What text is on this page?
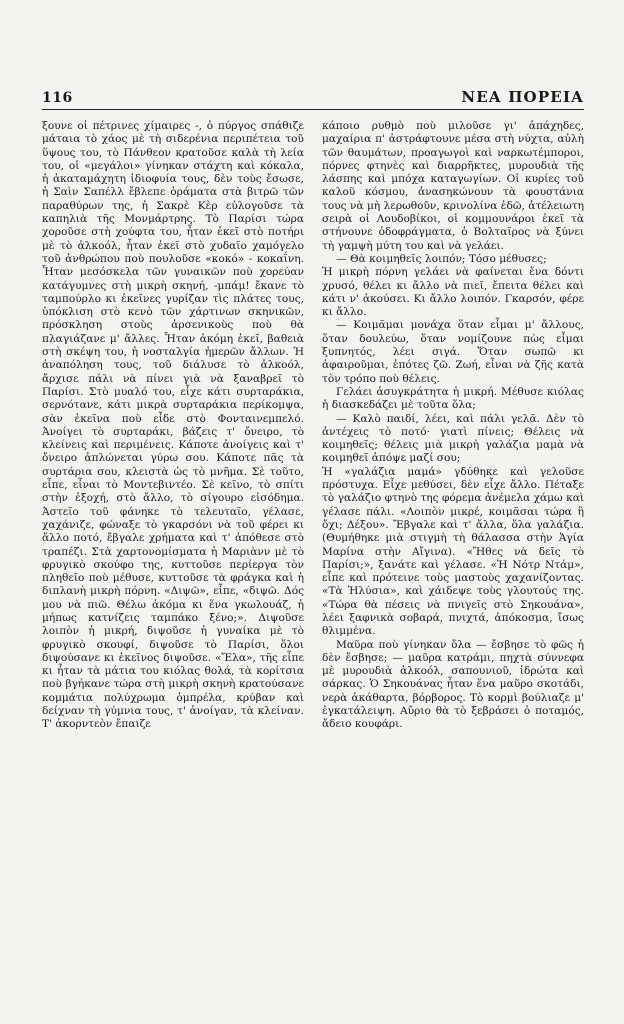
116	ΝΕΑ ΠΟΡΕΙΑ

ξουνε οἱ πέτρινες χίμαιρες -, ὁ πύργος σπάθιζε μάταια τὸ χάος μὲ τὴ σιδερένια περιπέτεια τοῦ ὕψους του, τὸ Πάνθεον κρατοῦσε καλὰ τὴ λεία του, οἱ «μεγάλοι» γίνηκαν στάχτη καὶ κόκαλα, ἡ ἀκαταμάχητη ἰδιοφυία τους, δὲν τοὺς ἔσωσε, ἡ Σαὶν Σαπέλλ ἔβλεπε ὁράματα στὰ βιτρῶ τῶν παραθύρων της, ἡ Σακρὲ Κὲρ εὐλογοῦσε τὰ καπηλιὰ τῆς Μονμάρτρης. Τὸ Παρίσι τώρα χοροῦσε στὴ χούφτα του, ἦταν ἐκεῖ στὸ ποτήρι μὲ τὸ ἀλκοόλ, ἦταν ἐκεῖ στὸ χυδαῖο χαμόγελο τοῦ ἀνθρώπου ποὺ πουλοῦσε «κοκό» - κοκαΐνη. Ἦταν μεσόσκελα τῶν γυναικῶν ποὺ χορεύαν κατάγυμνες στὴ μικρὴ σκηνή, -μπάμ! ἔκανε τὸ ταμπούρλο κι ἐκεῖνες γυρίζαν τὶς πλάτες τους, ὑπόκλιση στὸ κενὸ τῶν χάρτινων σκηνικῶν, πρόσκληση στοὺς ἀρσενικοὺς ποὺ θὰ πλαγιάζανε μ' ἄλλες. Ἦταν ἀκόμη ἐκεῖ, βαθειὰ στὴ σκέψη του, ἡ νοσταλγία ἡμερῶν ἄλλων. Ἡ ἀναπόληση τους, τοῦ διάλυσε τὸ ἀλκοόλ, ἄρχισε πάλι νὰ πίνει γιὰ νὰ ξαναβρεῖ τὸ Παρίσι. Στὸ μυαλό του, εἶχε κάτι συρταράκια, σερνότανε, κάτι μικρὰ συρταράκια περίκομψα, σὰν ἐκεῖνα ποὺ εἶδε στὸ Φονταινεμπελό. Ἀνοίγει τὸ συρταράκι, βάζεις τ' ὄνειρο, τὸ κλείνεις καὶ περιμένεις. Κάποτε ἀνοίγεις καὶ τ' ὄνειρο ἀπλώνεται γύρω σου. Κάποτε πᾶς τὰ συρτάρια σου, κλειστὰ ὡς τὸ μνῆμα. Σὲ τοῦτο, εἶπε, εἶναι τὸ Μοντεβιντέο. Σὲ κεῖνο, τὸ σπίτι στὴν ἐξοχή, στὸ ἄλλο, τὸ σίγουρο εἰσόδημα. Ἀστεῖο τοῦ φάνηκε τὸ τελευταῖο, γέλασε, χαχάνιζε, φώναξε τὸ γκαρσόνι νὰ τοῦ φέρει κι ἄλλο ποτό, ἔβγαλε χρήματα καὶ τ' ἀπόθεσε στὸ τραπέζι. Στὰ χαρτονομίσματα ἡ Μαριὰνν μὲ τὸ φρυγικὸ σκούφο της, κυττοῦσε περίεργα τὸν πληθεῖο ποὺ μέθυσε, κυττοῦσε τὰ φράγκα καὶ ἡ διπλανὴ μικρὴ πόρνη. «Διψῶ», εἶπε, «διψῶ. Δός μου νὰ πιῶ. Θέλω ἀκόμα κι ἕνα γκωλουάζ, ἡ μήπως κατνίζεις ταμπάκο ξένο;». Διψοῦσε λοιπὸν ἡ μικρή, διψοῦσε ἡ γυναίκα μὲ τὸ φρυγικὸ σκουφί, διψοῦσε τὸ Παρίσι, ὅλοι διψούσανε κι ἐκεῖνος διψοῦσε. «Ἔλα», τῆς εἶπε κι ἦταν τὰ μάτια του κιόλας θολά, τὰ κορίτσια ποὺ βγήκανε τώρα στὴ μικρὴ σκηνὴ κρατούσανε κομμάτια πολύχρωμα ὀμπρέλα, κρύβαν καὶ δείχναν τὴ γύμνια τους, τ' ἀνοίγαν, τὰ κλείναν. Τ' ἀκορντεὸν ἔπαιζε

κάποιο ρυθμὸ ποὺ μιλοῦσε γι' ἀπάχηδες, μαχαίρια π' ἀστράφτουνε μέσα στὴ νύχτα, αὐλὴ τῶν θαυμάτων, προαγωγοὶ καὶ ναρκωτέμποροι, πόρνες φτηνὲς καὶ διαρρῆκτες, μυρουδιὰ τῆς λάσπης καὶ μπόχα καταγωγίων. Οἱ κυρίες τοῦ καλοῦ κόσμου, ἀνασηκώνουν τὰ φουστάνια τους νὰ μὴ λερωθοῦν, κρινολίνα ἐδῶ, ἀτέλειωτη σειρὰ οἱ Λουδοβίκοι, οἱ κομμουνάροι ἐκεῖ τὰ στήνουνε ὀδοφράγματα, ὁ Βολταῖρος νὰ ξύνει τὴ γαμψὴ μύτη του καὶ νὰ γελάει.

— Θὰ κοιμηθεῖς λοιπόν; Τόσο μέθυσες;

Ἡ μικρὴ πόρνη γελάει νὰ φαίνεται ἕνα δόντι χρυσό, θέλει κι ἄλλο νὰ πιεῖ, ἔπειτα θέλει καὶ κάτι ν' ἀκούσει. Κι ἄλλο λοιπόν. Γκαρσόν, φέρε κι ἄλλο.

— Κοιμᾶμαι μονάχα ὅταν εἶμαι μ' ἄλλους, ὅταν δουλεύω, ὅταν νομίζουνε πὼς εἶμαι ξυπνητός, λέει σιγά. Ὅταν σωπῶ κι ἀφαιροῦμαι, ἐπότες ζῶ. Ζωή, εἶναι νὰ ζῆς κατὰ τὸν τρόπο ποὺ θέλεις.

Γελάει ἀσυγκράτητα ἡ μικρή. Μέθυσε κιόλας ἡ διασκεδάζει μὲ τοῦτα ὅλα;

— Καλὸ παιδί, λέει, καὶ πάλι γελᾶ. Δὲν τὸ ἀντέχεις τὸ ποτό· γιατὶ πίνεις; Θέλεις νὰ κοιμηθεῖς; θέλεις μιὰ μικρὴ γαλάζια μαμὰ νὰ κοιμηθεῖ ἀπόψε μαζί σου;

Ἡ «γαλάζια μαμά» γδύθηκε καὶ γελοῦσε πρόστυχα. Εἶχε μεθύσει, δὲν εἶχε ἄλλο. Πέταξε τὸ γαλάζιο φτηνὸ της φόρεμα ἀνέμελα χάμω καὶ γέλασε πάλι. «Λοιπὸν μικρέ, κοιμᾶσαι τώρα ἢ ὄχι; Δέξου». Ἔβγαλε καὶ τ' ἄλλα, ὅλα γαλάζια. (Θυμήθηκε μιὰ στιγμὴ τὴ θάλασσα στὴν Ἁγία Μαρίνα στὴν Αἴγινα). «Ἤθες νὰ δεῖς τὸ Παρίσι;», ξανάτε καὶ γέλασε. «Ἡ Νότρ Ντάμ», εἶπε καὶ πρότεινε τοὺς μαστοὺς χαχανίζοντας. «Τὰ Ἡλύσια», καὶ χάιδεψε τοὺς γλουτούς της. «Τώρα θὰ πέσεις νὰ πνιγεῖς στὸ Σηκουάνα», λέει ξαφνικὰ σοβαρά, πνιχτά, ἀπόκοσμα, ἴσως θλιμμένα.

Μαῦρα ποὺ γίνηκαν ὅλα — ἔσβησε τὸ φῶς ἡ δὲν ἔσβησε; — μαῦρα κατράμι, πηχτὰ σύννεφα μὲ μυρουδιὰ ἀλκοόλ, σαπουνιοῦ, ἱδρώτα καὶ σάρκας. Ὁ Σηκουάνας ἦταν ἕνα μαῦρο σκοτάδι, νερὰ ἀκάθαρτα, βόρβορος. Τὸ κορμὶ βούλιαζε μ' ἐγκατάλειψη. Αὔριο θὰ τὸ ξεβράσει ὁ ποταμός, ἄδειο κουφάρι.
